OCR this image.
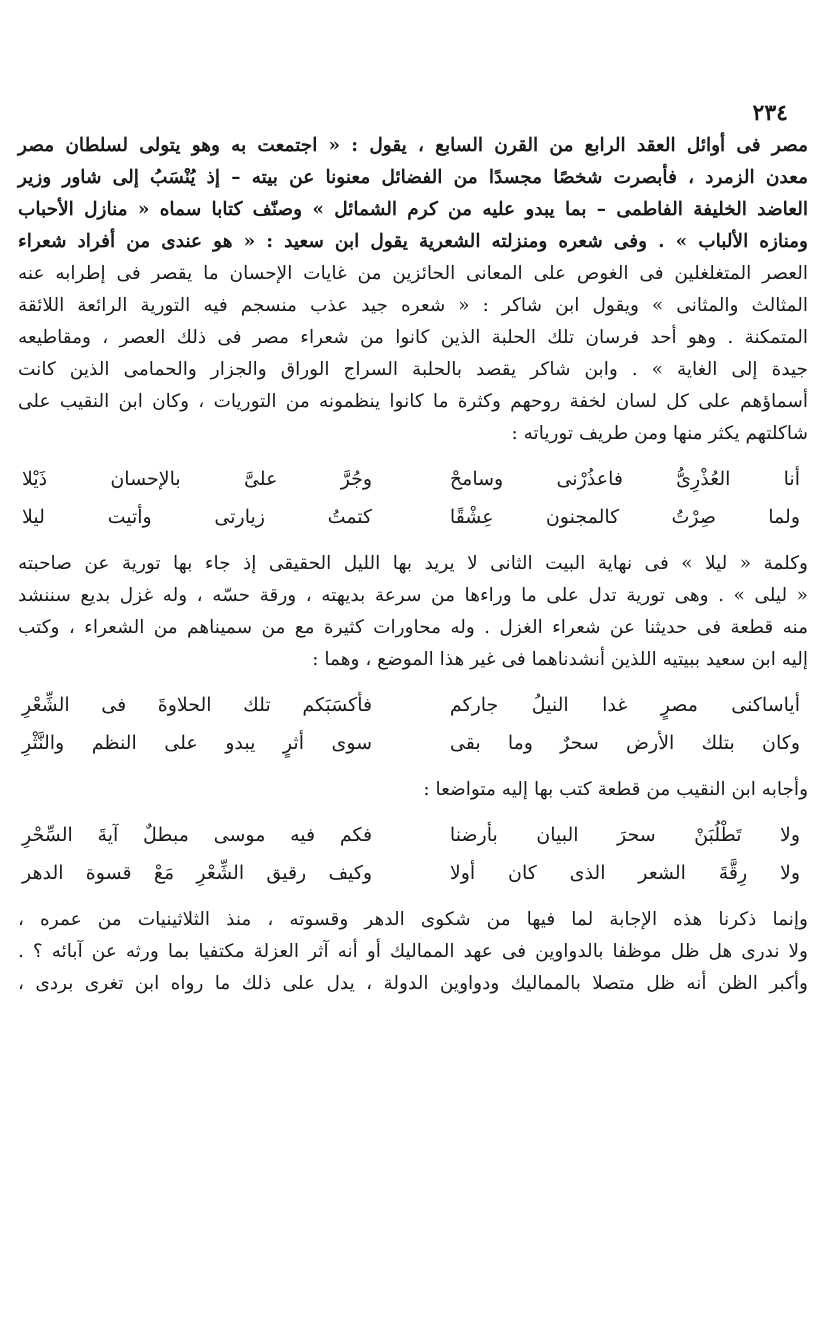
٢٣٤
مصر فى أوائل العقد الرابع من القرن السابع ، يقول : « اجتمعت به وهو يتولى لسلطان مصر
معدن الزمرد ، فأبصرت شخصًا مجسدًا من الفضائل معنونا عن بيته – إذ يُنْسَبُ إلى شاور وزير
العاضد الخليفة الفاطمى – بما يبدو عليه من كرم الشمائل » وصنّف كتابا سماه « منازل الأحباب
ومنازه الألباب » . وفى شعره ومنزلته الشعرية يقول ابن سعيد : « هو عندى من أفراد شعراء
العصر المتغلغلين فى الغوص على المعانى الحائزين من غايات الإحسان ما يقصر فى إطرابه عنه
المثالث والمثانى » ويقول ابن شاكر : « شعره جيد عذب منسجم فيه التورية الرائعة اللائقة
المتمكنة . وهو أحد فرسان تلك الحلبة الذين كانوا من شعراء مصر فى ذلك العصر ، ومقاطيعه
جيدة إلى الغاية » . وابن شاكر يقصد بالحلبة السراج الوراق والجزار والحمامى الذين كانت
أسماؤهم على كل لسان لخفة روحهم وكثرة ما كانوا ينظمونه من التوريات ، وكان ابن النقيب على
شاكلتهم يكثر منها ومن طريف تورياته :
أنا العُذْرِىُّ فاعذُرْنى وسامحْ
وجُرَّ علىَّ بالإحسان ذَيْلا
ولما صِرْتُ كالمجنون عِشْقًا
كتمتُ زيارتى وأتيت ليلا
وكلمة « ليلا » فى نهاية البيت الثانى لا يريد بها الليل الحقيقى إذ جاء بها تورية عن صاحبته
« ليلى » . وهى تورية تدل على ما وراءها من سرعة بديهته ، ورقة حسّه ، وله غزل بديع سننشد
منه قطعة فى حديثنا عن شعراء الغزل . وله محاورات كثيرة مع من سميناهم من الشعراء ، وكتب
إليه ابن سعيد ببيتيه اللذين أنشدناهما فى غير هذا الموضع ، وهما :
أياساكنى مصرٍ غدا النيلُ جاركم
فأكسَبَكم تلك الحلاوةَ فى الشِّعْرِ
وكان بتلك الأرض سحرٌ وما بقى
سوى أثرٍ يبدو على النظم والنَّثْرِ
وأجابه ابن النقيب من قطعة كتب بها إليه متواضعا :
ولا تَطْلُبَنْ سحرَ البيان بأرضنا
فكم فيه موسى مبطلٌ آيةَ السِّحْرِ
ولا رِقَّةَ الشعر الذى كان أولا
وكيف رقيق الشِّعْرِ مَعْ قسوة الدهر
وإنما ذكرنا هذه الإجابة لما فيها من شكوى الدهر وقسوته ، منذ الثلاثينيات من عمره ،
ولا ندرى هل ظل موظفا بالدواوين فى عهد المماليك أو أنه آثر العزلة مكتفيا بما ورثه عن آبائه ؟ .
وأكبر الظن أنه ظل متصلا بالمماليك ودواوين الدولة ، يدل على ذلك ما رواه ابن تغرى بردى ،
